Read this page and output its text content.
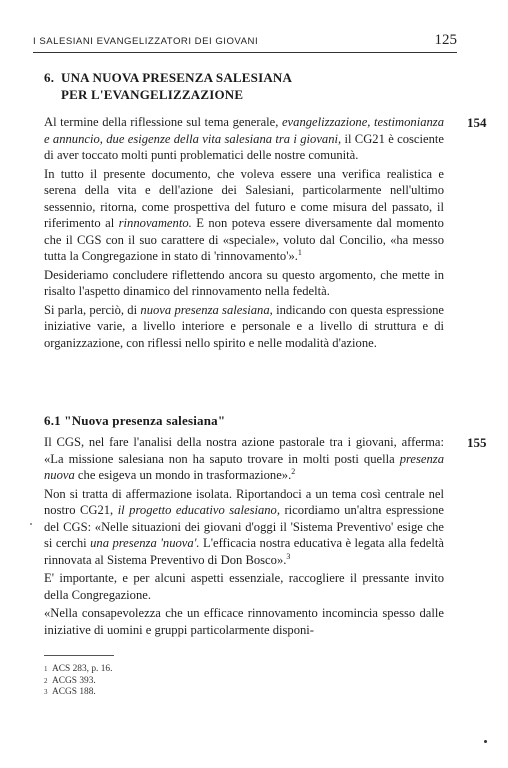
I SALESIANI EVANGELIZZATORI DEI GIOVANI	125
6. UNA NUOVA PRESENZA SALESIANA
PER L'EVANGELIZZAZIONE
154

Al termine della riflessione sul tema generale, evangelizzazione, testimonianza e annuncio, due esigenze della vita salesiana tra i giovani, il CG21 è cosciente di aver toccato molti punti problematici delle nostre comunità.

In tutto il presente documento, che voleva essere una verifica realistica e serena della vita e dell'azione dei Salesiani, particolarmente nell'ultimo sessennio, ritorna, come prospettiva del futuro e come misura del passato, il riferimento al rinnovamento. E non poteva essere diversamente dal momento che il CGS con il suo carattere di «speciale», voluto dal Concilio, «ha messo tutta la Congregazione in stato di 'rinnovamento'».$^1$

Desideriamo concludere riflettendo ancora su questo argomento, che mette in risalto l'aspetto dinamico del rinnovamento nella fedeltà.

Si parla, perciò, di nuova presenza salesiana, indicando con questa espressione iniziative varie, a livello interiore e personale e a livello di struttura e di organizzazione, con riflessi nello spirito e nelle modalità d'azione.

6.1 "Nuova presenza salesiana"
155

Il CGS, nel fare l'analisi della nostra azione pastorale tra i giovani, afferma: «La missione salesiana non ha saputo trovare in molti posti quella presenza nuova che esigeva un mondo in trasformazione».$^2$

Non si tratta di affermazione isolata. Riportandoci a un tema così centrale nel nostro CG21, il progetto educativo salesiano, ricordiamo un'altra espressione del CGS: «Nelle situazioni dei giovani d'oggi il 'Sistema Preventivo' esige che si cerchi una presenza 'nuova'. L'efficacia nostra educativa è legata alla fedeltà rinnovata al Sistema Preventivo di Don Bosco».$^3$

E' importante, e per alcuni aspetti essenziale, raccogliere il pressante invito della Congregazione.

«Nella consapevolezza che un efficace rinnovamento incomincia spesso dalle iniziative di uomini e gruppi particolarmente disponi-

1 ACS 283, p. 16.
2 ACGS 393.
3 ACGS 188.
